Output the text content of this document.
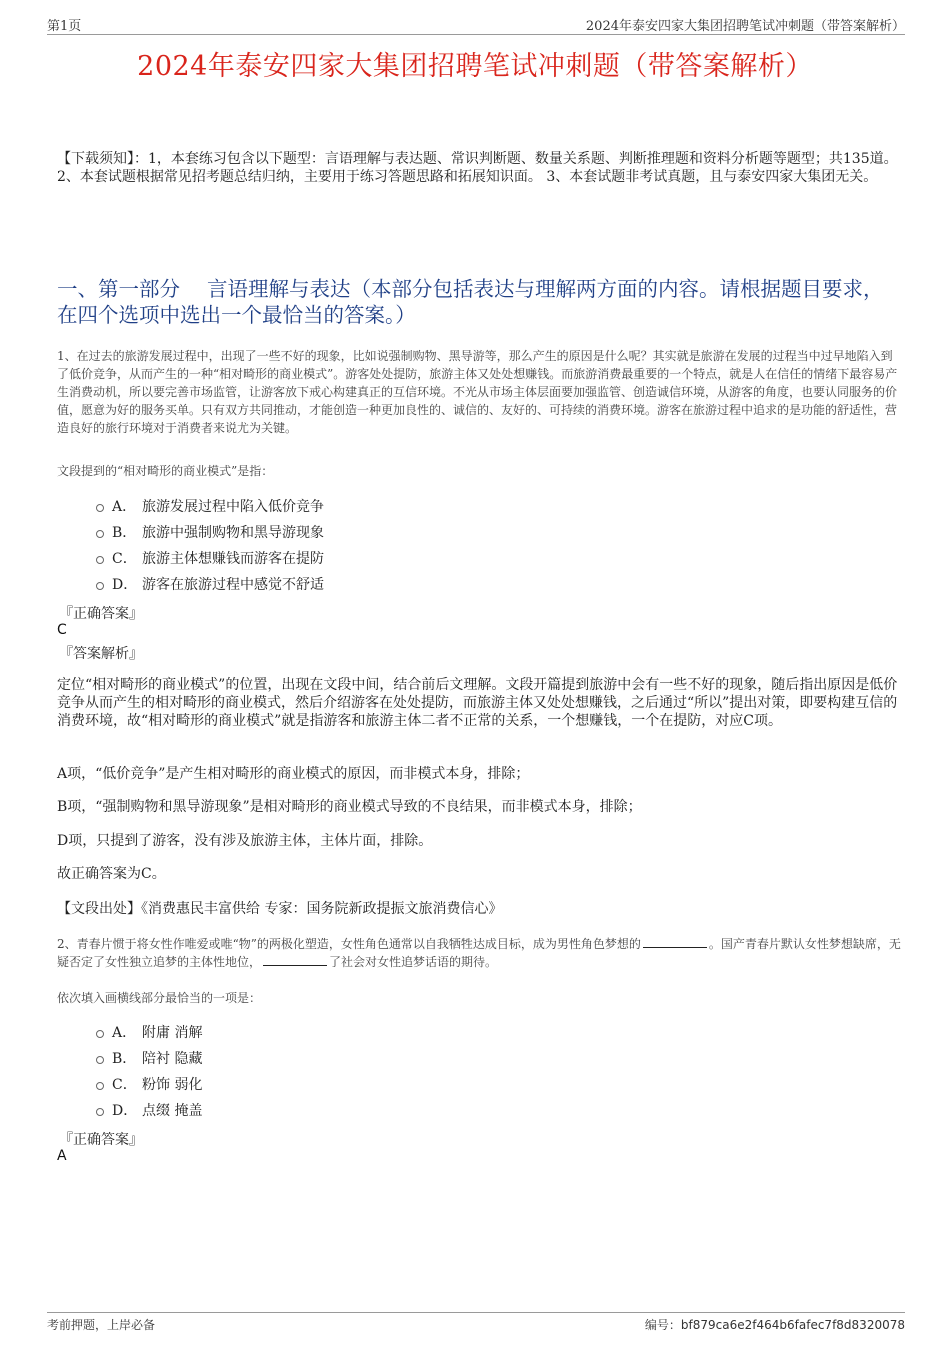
第1页	2024年泰安四家大集团招聘笔试冲刺题（带答案解析）
2024年泰安四家大集团招聘笔试冲刺题（带答案解析）
【下载须知】：1，本套练习包含以下题型：言语理解与表达题、常识判断题、数量关系题、判断推理题和资料分析题等题型；共135道。 2、本套试题根据常见招考题总结归纳，主要用于练习答题思路和拓展知识面。 3、本套试题非考试真题，且与泰安四家大集团无关。
一、第一部分　 言语理解与表达（本部分包括表达与理解两方面的内容。请根据题目要求，在四个选项中选出一个最恰当的答案。）
1、在过去的旅游发展过程中，出现了一些不好的现象，比如说强制购物、黑导游等，那么产生的原因是什么呢？其实就是旅游在发展的过程当中过早地陷入到了低价竞争，从而产生的一种“相对畸形的商业模式”。游客处处提防，旅游主体又处处想赚钱。而旅游消费最重要的一个特点，就是人在信任的情绪下最容易产生消费动机，所以要完善市场监管，让游客放下戒心构建真正的互信环境。不光从市场主体层面要加强监管、创造诚信环境，从游客的角度，也要认同服务的价值，愿意为好的服务买单。只有双方共同推动，才能创造一种更加良性的、诚信的、友好的、可持续的消费环境。游客在旅游过程中追求的是功能的舒适性，营造良好的旅行环境对于消费者来说尤为关键。
文段提到的“相对畸形的商业模式”是指：
A． 旅游发展过程中陷入低价竞争
B． 旅游中强制购物和黑导游现象
C． 旅游主体想赚钱而游客在提防
D． 游客在旅游过程中感觉不舒适
『正确答案』
C
『答案解析』
定位“相对畸形的商业模式”的位置，出现在文段中间，结合前后文理解。文段开篇提到旅游中会有一些不好的现象，随后指出原因是低价竞争从而产生的相对畸形的商业模式，然后介绍游客在处处提防，而旅游主体又处处想赚钱，之后通过“所以”提出对策，即要构建互信的消费环境，故“相对畸形的商业模式”就是指游客和旅游主体二者不正常的关系，一个想赚钱，一个在提防，对应C项。
A项，“低价竞争”是产生相对畸形的商业模式的原因，而非模式本身，排除；
B项，“强制购物和黑导游现象”是相对畸形的商业模式导致的不良结果，而非模式本身，排除；
D项，只提到了游客，没有涉及旅游主体，主体片面，排除。
故正确答案为C。
【文段出处】《消费惠民丰富供给 专家：国务院新政提振文旅消费信心》
2、青春片惯于将女性作唯爱或唯“物”的两极化塑造，女性角色通常以自我牺牲达成目标，成为男性角色梦想的	。国产青春片默认女性梦想缺席，无疑否定了女性独立追梦的主体性地位，	了社会对女性追梦话语的期待。
依次填入画横线部分最恰当的一项是：
A． 附庸 消解
B． 陪衬 隐藏
C． 粉饰 弱化
D． 点缀 掩盖
『正确答案』
A
考前押题，上岸必备	编号：bf879ca6e2f464b6fafec7f8d8320078
